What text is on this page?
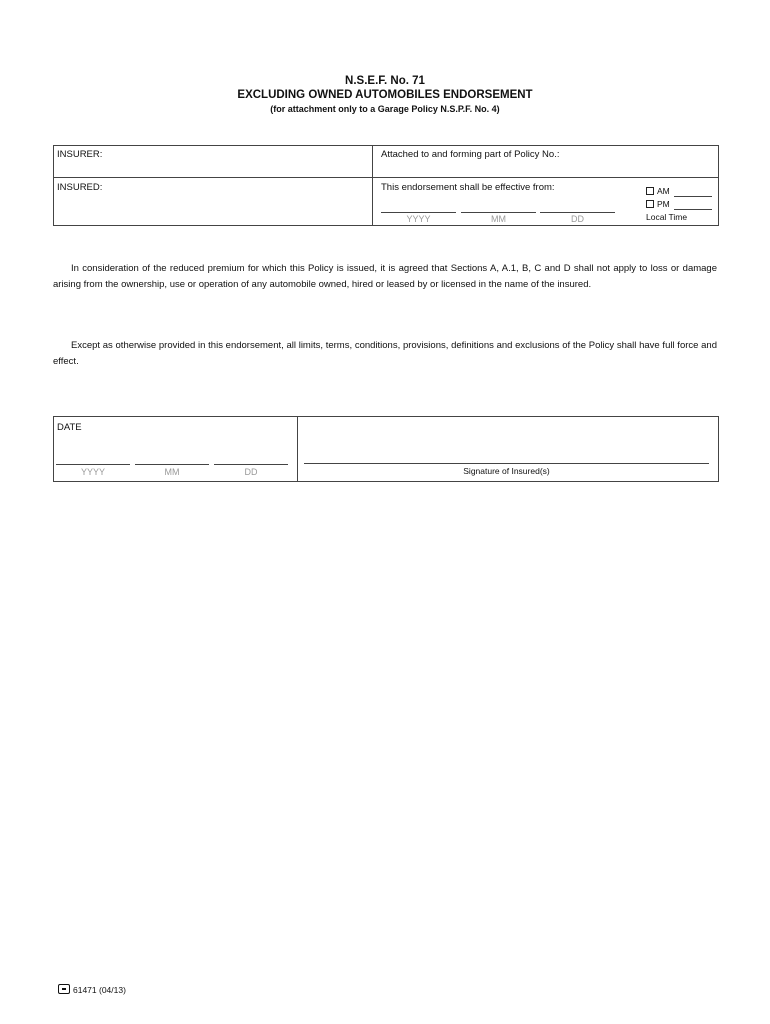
N.S.E.F. No. 71
EXCLUDING OWNED AUTOMOBILES ENDORSEMENT
(for attachment only to a Garage Policy N.S.P.F. No. 4)
INSURER:	Attached to and forming part of Policy No.:
INSURED:	This endorsement shall be effective from:
YYYY	MM	DD
AM
PM
Local Time
In consideration of the reduced premium for which this Policy is issued, it is agreed that Sections A, A.1, B, C and D shall not apply to loss or damage arising from the ownership, use or operation of any automobile owned, hired or leased by or licensed in the name of the insured.
Except as otherwise provided in this endorsement, all limits, terms, conditions, provisions, definitions and exclusions of the Policy shall have full force and effect.
DATE
YYYY	MM	DD	Signature of Insured(s)
61471 (04/13)
